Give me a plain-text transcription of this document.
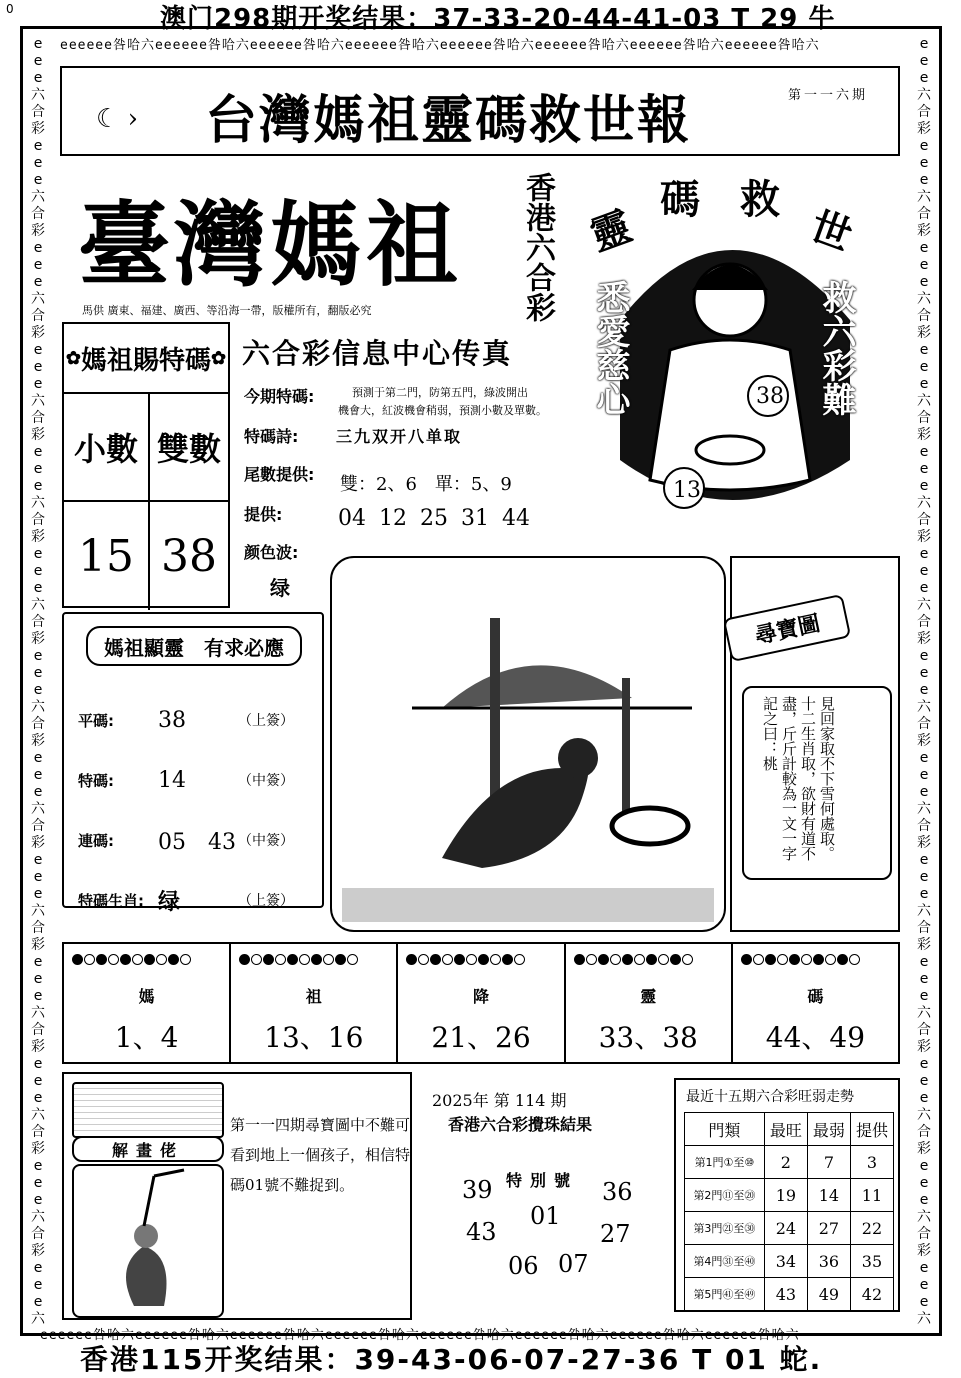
0	澳门298期开奖结果：37-33-20-44-41-03 T 29 牛
ееееее咎哈六ееееее咎哈六ееееее咎哈六ееееее咎哈六ееееее咎哈六ееееее咎哈六ееееее咎哈六ееееее咎哈六
ееееее咎哈六ееееее咎哈六ееееее咎哈六ееееее咎哈六ееееее咎哈六ееееее咎哈六ееееее咎哈六ееееее咎哈六
e
e
e
六
合
彩
e
e
e
六
合
彩
e
e
e
六
合
彩
e
e
e
六
合
彩
e
e
e
六
合
彩
e
e
e
六
合
彩
e
e
e
六
合
彩
e
e
e
六
合
彩
e
e
e
六
合
彩
e
e
e
六
合
彩
e
e
e
六
合
彩
e
e
e
六
合
彩
e
e
e
六

e
e
e
六
合
彩
e
e
e
六
合
彩
e
e
e
六
合
彩
e
e
e
六
合
彩
e
e
e
六
合
彩
e
e
e
六
合
彩
e
e
e
六
合
彩
e
e
e
六
合
彩
e
e
e
六
合
彩
e
e
e
六
合
彩
e
e
e
六
合
彩
e
e
e
六
合
彩
e
e
e
六

香港115开奖结果：39-43-06-07-27-36 T 01 蛇.
☾ › 台灣媽祖靈碼救世報	第一一六期
臺灣媽祖 香港六合彩
馬供 廣東、福建、廣西、等沿海一帶，版權所有，翻版必究
38
13
靈
碼 救
世
悉愛慈心
救六彩難
✿ 媽祖賜特碼 ✿
小數 雙數
15 38
六合彩信息中心传真
今期特碼:	預測于第二門，防第五門，綠波開出
機會大，紅波機會稍弱，預測小數及單數。
特碼詩: 三九双开八单取
尾數提供: 雙：2、6　單：5、9
提供:	04 12 25 31 44
颜色波:
绿
媽祖顯靈　有求必應
平碼:	38	（上簽）
特碼:	14	（中簽）
連碼:	05　43 （中簽）
特碼生肖: 绿	（上簽）
尋寶圖
見回家取不下雪何處取。十二生肖取，欲財有道不盡，斤斤計較為一文一字記之曰：桃
媽
1、4
祖
13、16
降
21、26
靈
33、38
碼
44、49
解畫佬
第一一四期尋寶圖中不難可看到地上一個孩子，相信特碼01號不難捉到。
2025年 第 114 期
香港六合彩攪珠結果
特別號
01
39
43
06 07
27
36
最近十五期六合彩旺弱走勢
門類	最旺	最弱	提供
第1門①至⑩	2	7	3
第2門⑪至⑳	19	14	11
第3門㉑至㉚	24	27	22
第4門㉛至㊵	34	36	35
第5門㊶至㊾	43	49	42
